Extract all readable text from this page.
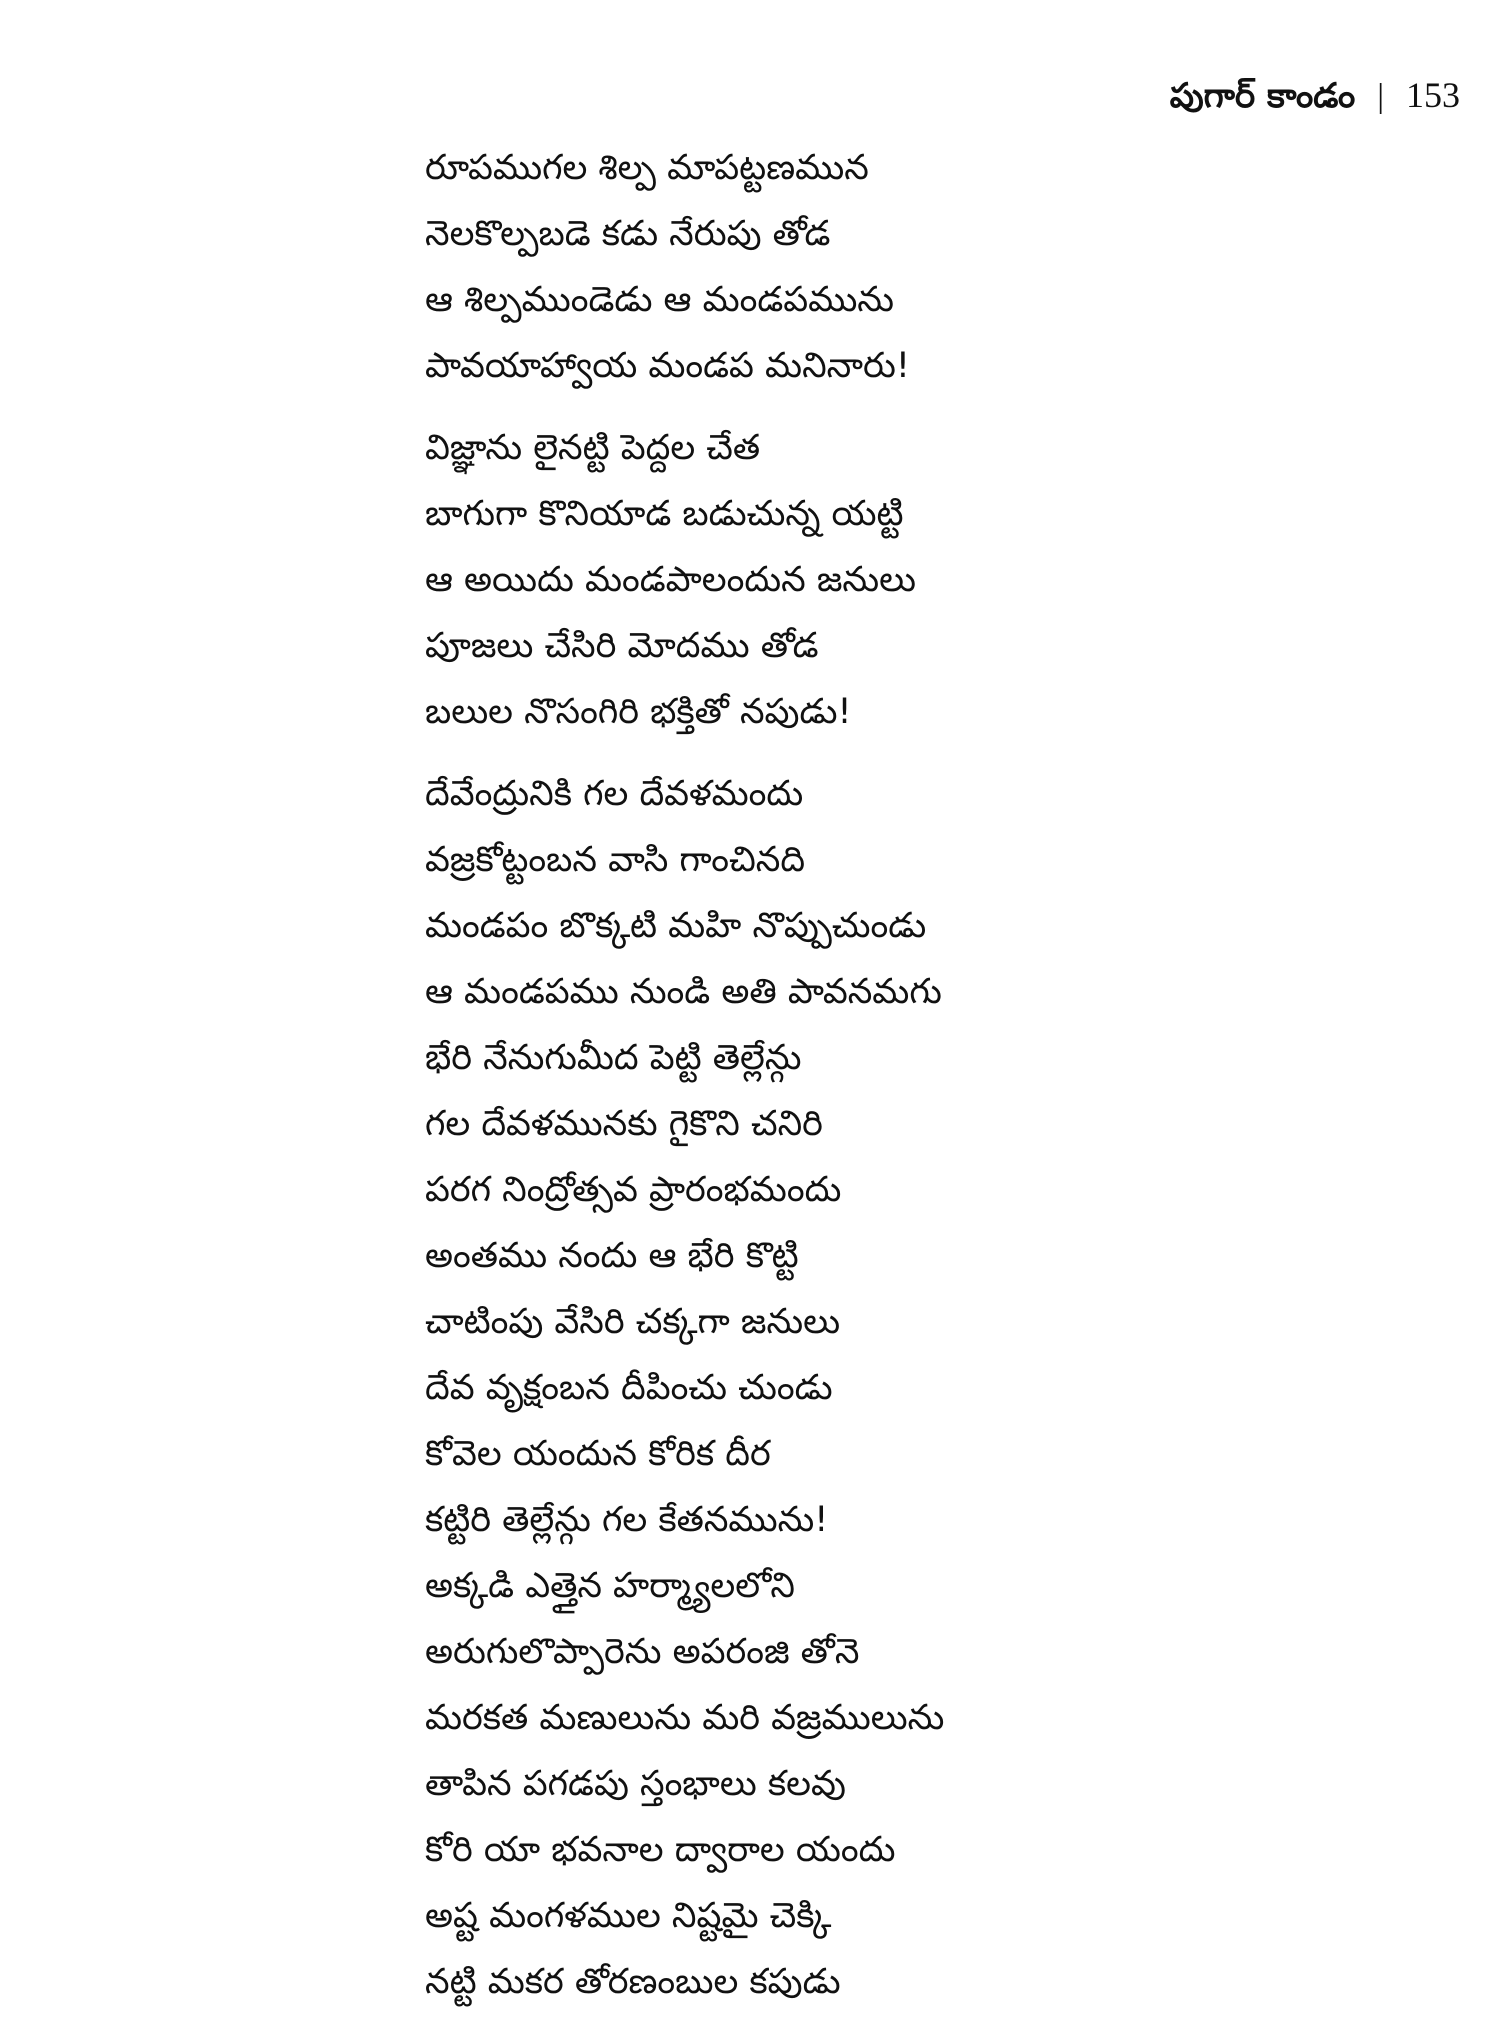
పుగార్ కాండం | 153
రూపముగల శిల్ప మాపట్టణమున
నెలకొల్పబడె కడు నేరుపు తోడ
ఆ శిల్పముండెడు ఆ మండపమును
పావయాహ్వాయ మండప మనినారు!
విజ్ఞాను లైనట్టి పెద్దల చేత
బాగుగా కొనియాడ బడుచున్న యట్టి
ఆ అయిదు మండపాలందున జనులు
పూజలు చేసిరి మోదము తోడ
బలుల నొసంగిరి భక్తితో నపుడు!
దేవేంద్రునికి గల దేవళమందు
వజ్రకోట్టంబన వాసి గాంచినది
మండపం బొక్కటి మహి నొప్పుచుండు
ఆ మండపము నుండి అతి పావనమగు
భేరి నేనుగుమీద పెట్టి తెల్లేన్గు
గల దేవళమునకు గైకొని చనిరి
పరగ నింద్రోత్సవ ప్రారంభమందు
అంతము నందు ఆ భేరి కొట్టి
చాటింపు వేసిరి చక్కగా జనులు
దేవ వృక్షంబన దీపించు చుండు
కోవెల యందున కోరిక దీర
కట్టిరి తెల్లేన్గు గల కేతనమును!
అక్కడి ఎత్తైన హర్మ్యాలలోని
అరుగులొప్పారెను అపరంజి తోనె
మరకత మణులును మరి వజ్రములును
తాపిన పగడపు స్తంభాలు కలవు
కోరి యా భవనాల ద్వారాల యందు
అష్ట మంగళముల నిష్టమై చెక్కి
నట్టి మకర తోరణంబుల కపుడు
